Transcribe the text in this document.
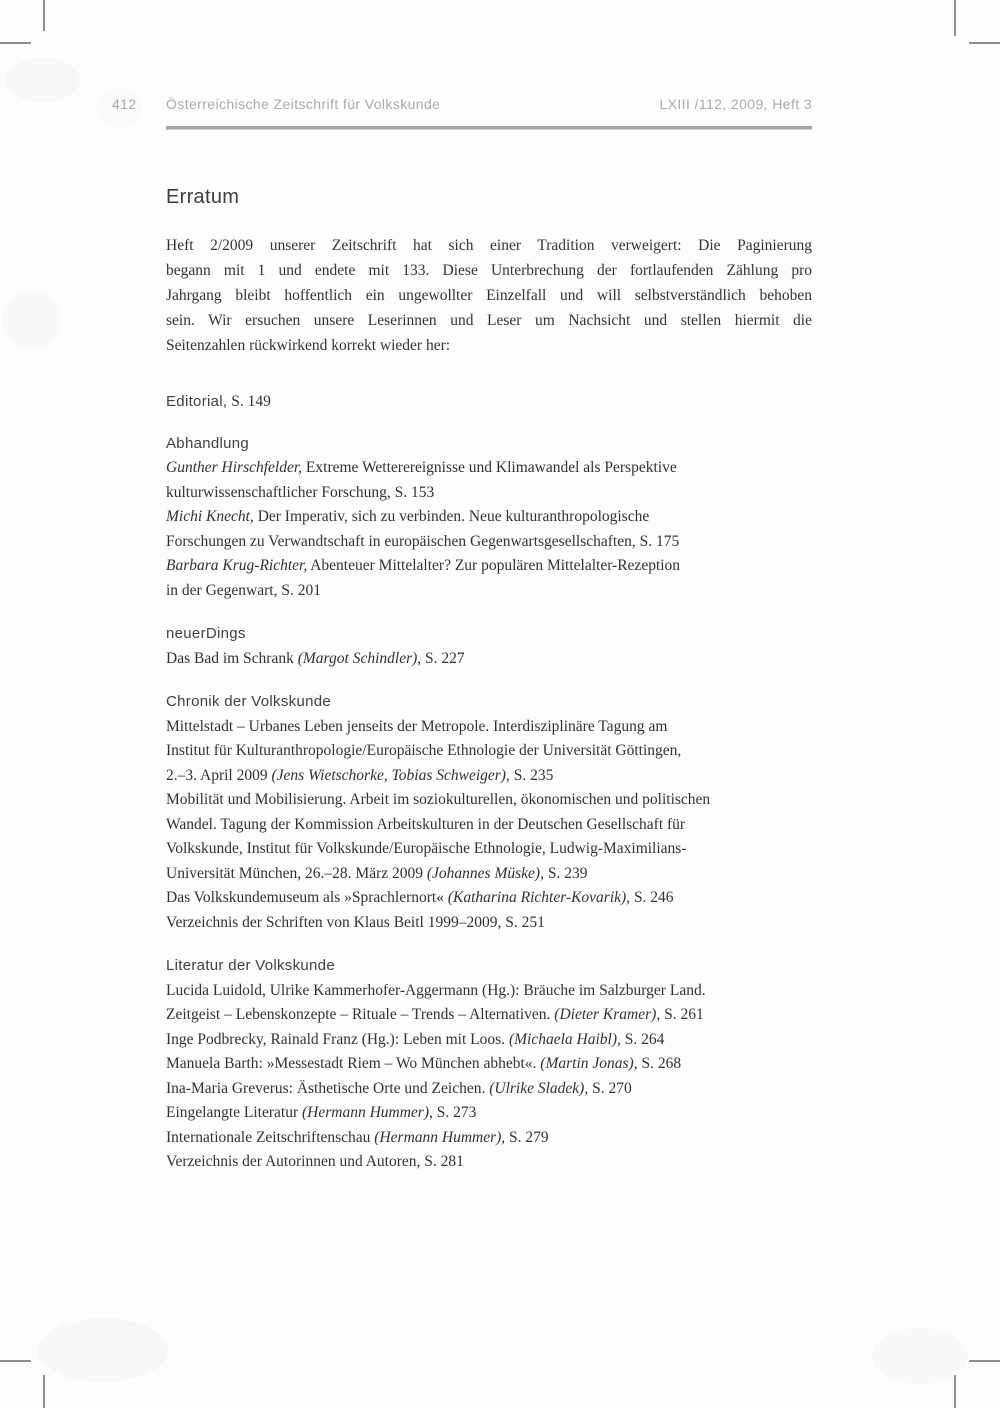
412 Österreichische Zeitschrift für Volkskunde	LXIII /112, 2009, Heft 3
Erratum
Heft 2/2009 unserer Zeitschrift hat sich einer Tradition verweigert: Die Paginierung
begann mit 1 und endete mit 133. Diese Unterbrechung der fortlaufenden Zählung pro
Jahrgang bleibt hoffentlich ein ungewollter Einzelfall und will selbstverständlich behoben
sein. Wir ersuchen unsere Leserinnen und Leser um Nachsicht und stellen hiermit die
Seitenzahlen rückwirkend korrekt wieder her:
Editorial, S. 149
Abhandlung
Gunther Hirschfelder, Extreme Wetterereignisse und Klimawandel als Perspektive
kulturwissenschaftlicher Forschung, S. 153
Michi Knecht, Der Imperativ, sich zu verbinden. Neue kulturanthropologische
Forschungen zu Verwandtschaft in europäischen Gegenwartsgesellschaften, S. 175
Barbara Krug-Richter, Abenteuer Mittelalter? Zur populären Mittelalter-Rezeption
in der Gegenwart, S. 201
neuerDings
Das Bad im Schrank (Margot Schindler), S. 227
Chronik der Volkskunde
Mittelstadt – Urbanes Leben jenseits der Metropole. Interdisziplinäre Tagung am
Institut für Kulturanthropologie/Europäische Ethnologie der Universität Göttingen,
2.–3. April 2009 (Jens Wietschorke, Tobias Schweiger), S. 235
Mobilität und Mobilisierung. Arbeit im soziokulturellen, ökonomischen und politischen
Wandel. Tagung der Kommission Arbeitskulturen in der Deutschen Gesellschaft für
Volkskunde, Institut für Volkskunde/Europäische Ethnologie, Ludwig-Maximilians-
Universität München, 26.–28. März 2009 (Johannes Müske), S. 239
Das Volkskundemuseum als »Sprachlernort« (Katharina Richter-Kovarik), S. 246
Verzeichnis der Schriften von Klaus Beitl 1999–2009, S. 251
Literatur der Volkskunde
Lucida Luidold, Ulrike Kammerhofer-Aggermann (Hg.): Bräuche im Salzburger Land.
Zeitgeist – Lebenskonzepte – Rituale – Trends – Alternativen. (Dieter Kramer), S. 261
Inge Podbrecky, Rainald Franz (Hg.): Leben mit Loos. (Michaela Haibl), S. 264
Manuela Barth: »Messestadt Riem – Wo München abhebt«. (Martin Jonas), S. 268
Ina-Maria Greverus: Ästhetische Orte und Zeichen. (Ulrike Sladek), S. 270
Eingelangte Literatur (Hermann Hummer), S. 273
Internationale Zeitschriftenschau (Hermann Hummer), S. 279
Verzeichnis der Autorinnen und Autoren, S. 281
